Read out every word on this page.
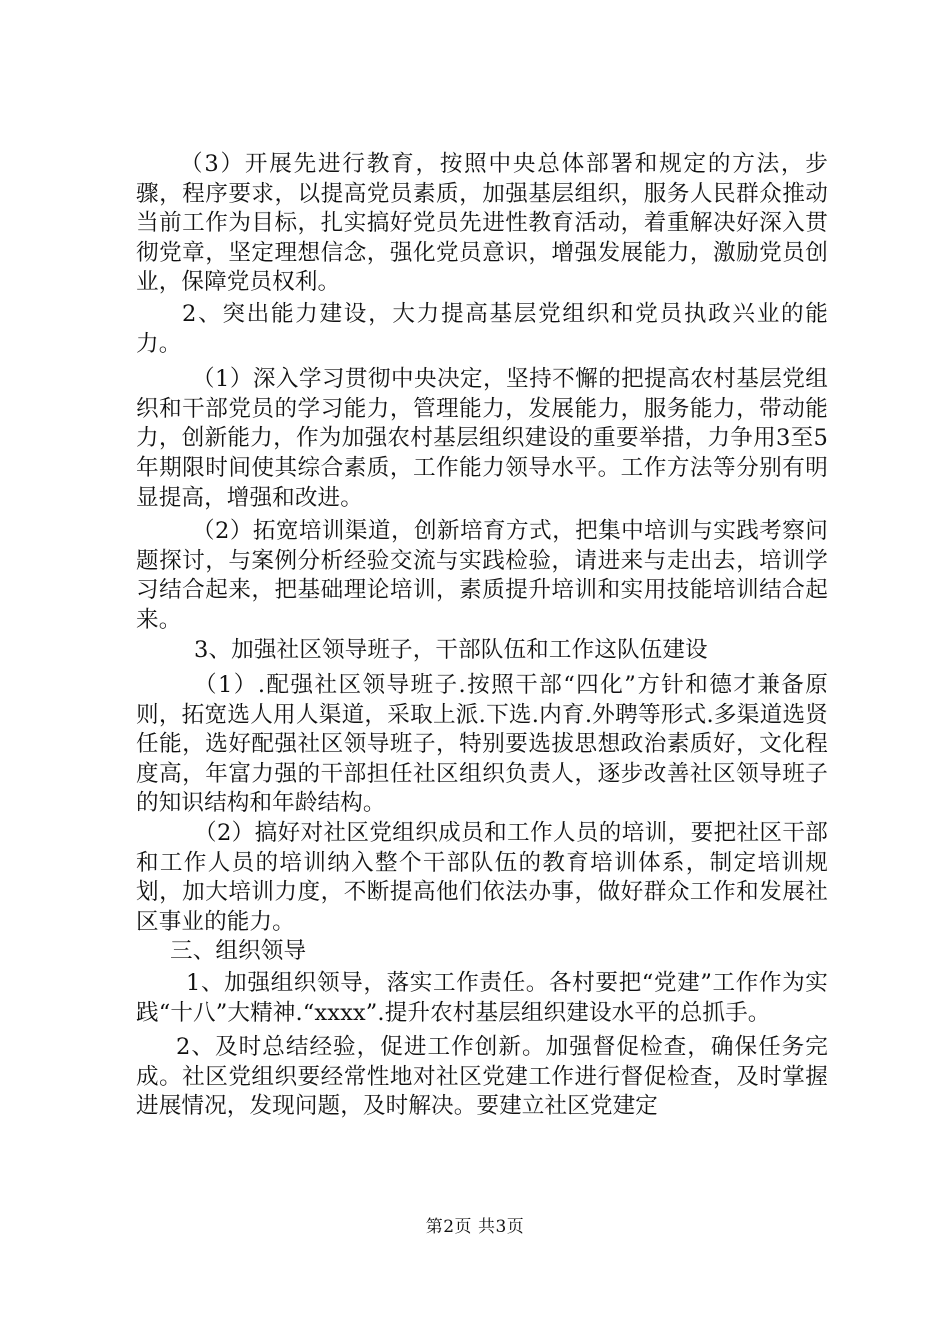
（3）开展先进行教育，按照中央总体部署和规定的方法，步骤，程序要求，以提高党员素质，加强基层组织，服务人民群众推动当前工作为目标，扎实搞好党员先进性教育活动，着重解决好深入贯彻党章，坚定理想信念，强化党员意识，增强发展能力，激励党员创业，保障党员权利。

2、突出能力建设，大力提高基层党组织和党员执政兴业的能力。

（1）深入学习贯彻中央决定，坚持不懈的把提高农村基层党组织和干部党员的学习能力，管理能力，发展能力，服务能力，带动能力，创新能力，作为加强农村基层组织建设的重要举措，力争用3至5年期限时间使其综合素质，工作能力领导水平。工作方法等分别有明显提高，增强和改进。

（2）拓宽培训渠道，创新培育方式，把集中培训与实践考察问题探讨，与案例分析经验交流与实践检验，请进来与走出去，培训学习结合起来，把基础理论培训，素质提升培训和实用技能培训结合起来。

3、加强社区领导班子，干部队伍和工作这队伍建设

（1）.配强社区领导班子.按照干部“四化”方针和德才兼备原则，拓宽选人用人渠道，采取上派.下选.内育.外聘等形式.多渠道选贤任能，选好配强社区领导班子，特别要选拔思想政治素质好，文化程度高，年富力强的干部担任社区组织负责人，逐步改善社区领导班子的知识结构和年龄结构。

（2）搞好对社区党组织成员和工作人员的培训，要把社区干部和工作人员的培训纳入整个干部队伍的教育培训体系，制定培训规划，加大培训力度，不断提高他们依法办事，做好群众工作和发展社区事业的能力。

三、组织领导

1、加强组织领导，落实工作责任。各村要把“党建”工作作为实践“十八”大精神.“xxxx”.提升农村基层组织建设水平的总抓手。

2、及时总结经验，促进工作创新。加强督促检查，确保任务完成。社区党组织要经常性地对社区党建工作进行督促检查，及时掌握进展情况，发现问题，及时解决。要建立社区党建定

第2页 共3页
